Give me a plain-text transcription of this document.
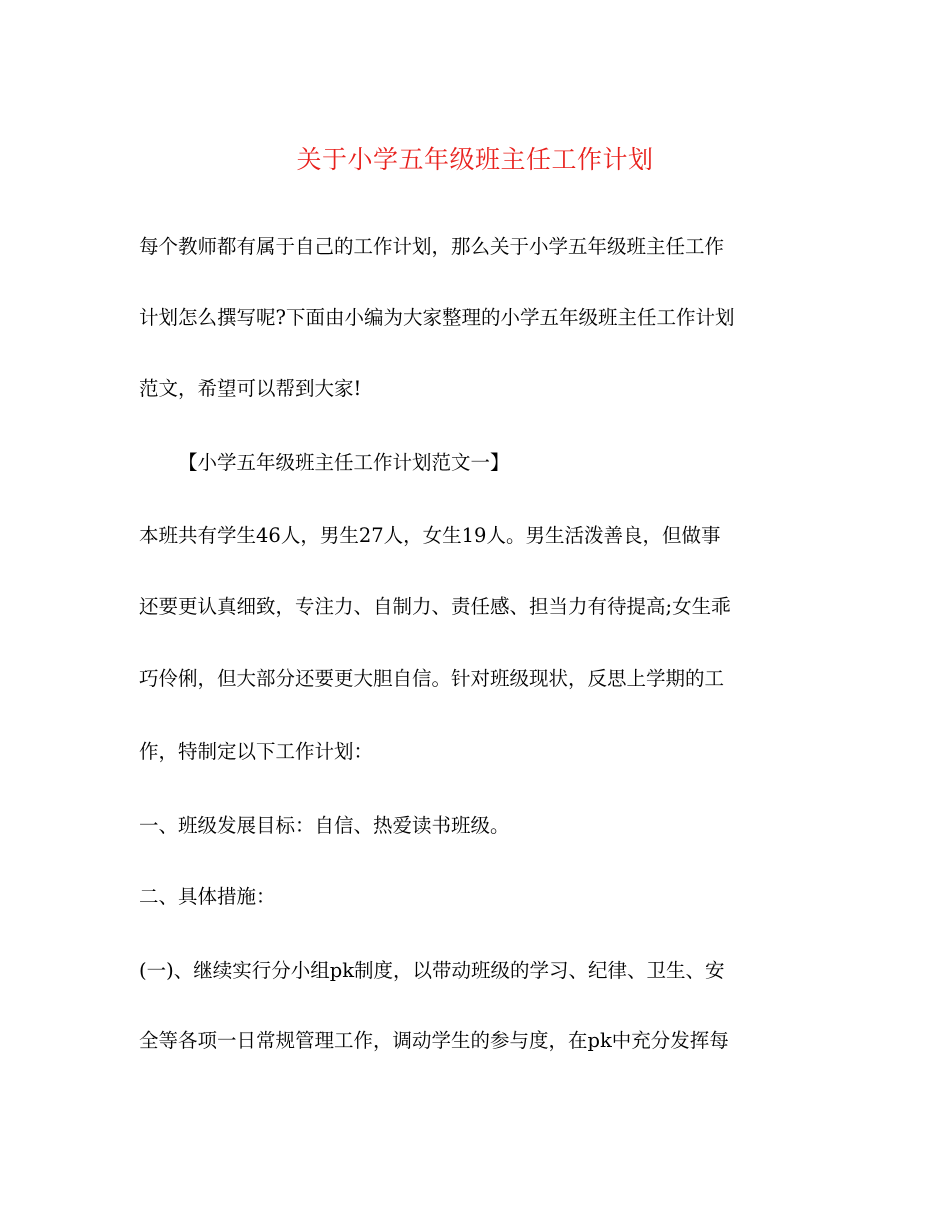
关于小学五年级班主任工作计划
每个教师都有属于自己的工作计划，那么关于小学五年级班主任工作
计划怎么撰写呢?下面由小编为大家整理的小学五年级班主任工作计划
范文，希望可以帮到大家!
【小学五年级班主任工作计划范文一】
本班共有学生46人，男生27人，女生19人。男生活泼善良，但做事
还要更认真细致，专注力、自制力、责任感、担当力有待提高;女生乖
巧伶俐，但大部分还要更大胆自信。针对班级现状，反思上学期的工
作，特制定以下工作计划：
一、班级发展目标：自信、热爱读书班级。
二、具体措施：
(一)、继续实行分小组pk制度，以带动班级的学习、纪律、卫生、安
全等各项一日常规管理工作，调动学生的参与度，在pk中充分发挥每
